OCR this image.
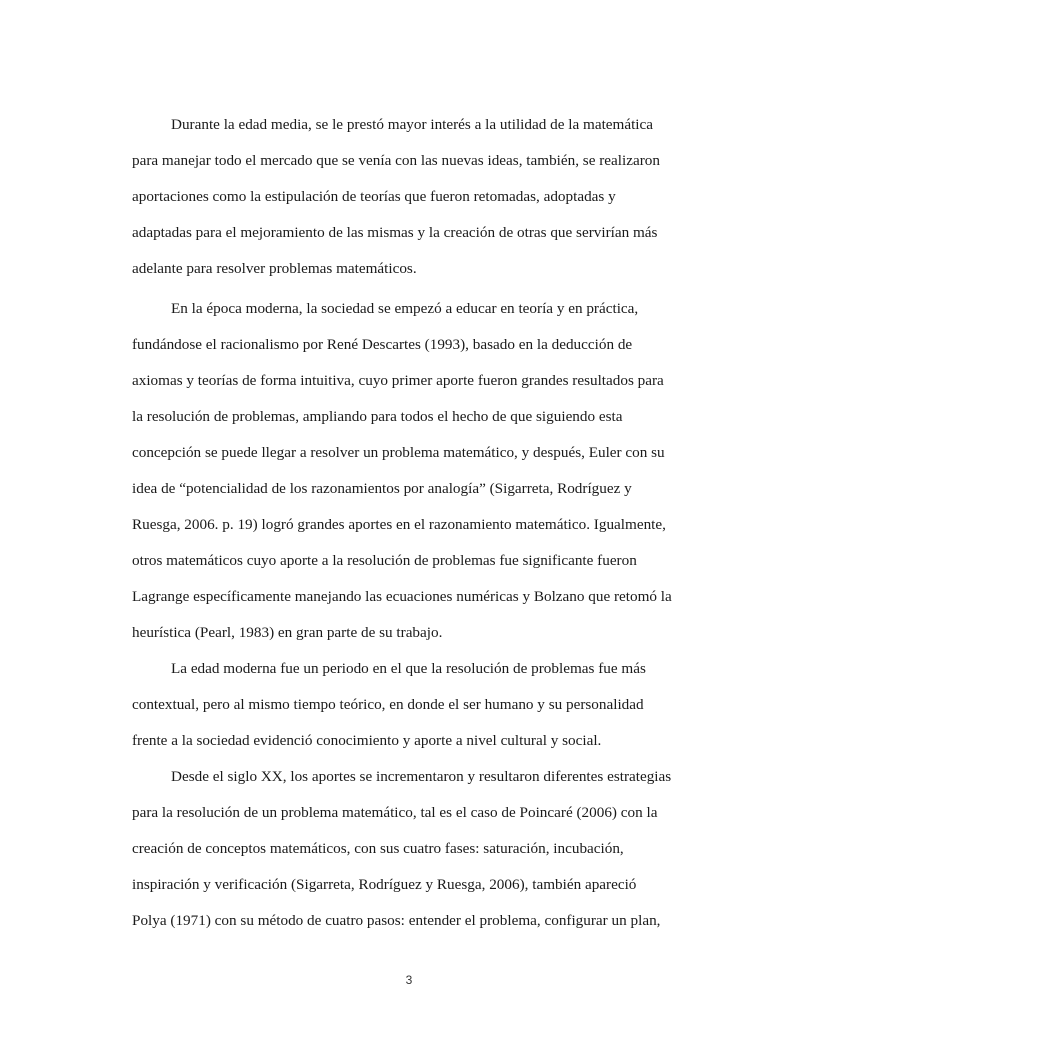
Durante la edad media, se le prestó mayor interés a la utilidad de la matemática
para manejar todo el mercado que se venía con las nuevas ideas, también, se realizaron
aportaciones como la estipulación de teorías que fueron retomadas, adoptadas y
adaptadas para el mejoramiento de las mismas y la creación de otras que servirían más
adelante para resolver problemas matemáticos.
En la época moderna, la sociedad se empezó a educar en teoría y en práctica,
fundándose el racionalismo por René Descartes (1993), basado en la deducción de
axiomas y teorías de forma intuitiva, cuyo primer aporte fueron grandes resultados para
la resolución de problemas, ampliando para todos el hecho de que siguiendo esta
concepción se puede llegar a resolver un problema matemático, y después, Euler con su
idea de “potencialidad de los razonamientos por analogía” (Sigarreta, Rodríguez y
Ruesga, 2006. p. 19) logró grandes aportes en el razonamiento matemático. Igualmente,
otros matemáticos cuyo aporte a la resolución de problemas fue significante fueron
Lagrange específicamente manejando las ecuaciones numéricas y Bolzano que retomó la
heurística (Pearl, 1983) en gran parte de su trabajo.
La edad moderna fue un periodo en el que la resolución de problemas fue más
contextual, pero al mismo tiempo teórico, en donde el ser humano y su personalidad
frente a la sociedad evidenció conocimiento y aporte a nivel cultural y social.
Desde el siglo XX, los aportes se incrementaron y resultaron diferentes estrategias
para la resolución de un problema matemático, tal es el caso de Poincaré (2006) con la
creación de conceptos matemáticos, con sus cuatro fases: saturación, incubación,
inspiración y verificación (Sigarreta, Rodríguez y Ruesga, 2006), también apareció
Polya (1971) con su método de cuatro pasos: entender el problema, configurar un plan,
3
